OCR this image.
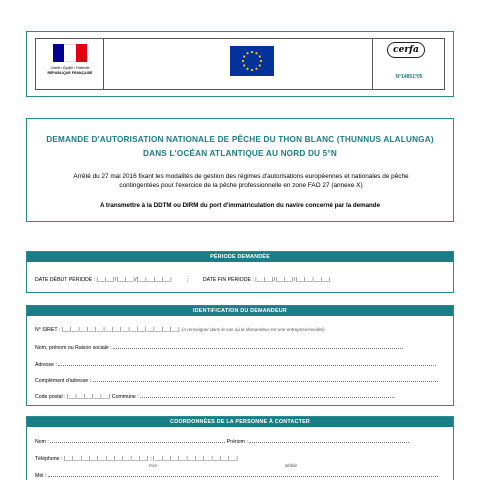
Liberté • Égalité • Fraternité
RÉPUBLIQUE FRANÇAISE
cerfa
N°14851*05
DEMANDE D'AUTORISATION NATIONALE DE PÊCHE DU THON BLANC (THUNNUS ALALUNGA)
DANS L'OCÉAN ATLANTIQUE AU NORD DU 5°N
Arrêté du 27 mai 2016 fixant les modalités de gestion des régimes d'autorisations européennes et nationales de pêche contingentées pour l'exercice de la pêche professionnelle en zone FAO 27 (annexe X)
A transmettre à la DDTM ou DIRM du port d'immatriculation du navire concerné par la demande
PÉRIODE DEMANDÉE
DATE DÉBUT PÉRIODE : |__|__|/|__|__|/|__|__|__|__|	;	DATE FIN PÉRIODE : |__|__|/|__|__|/|__|__|__|__|
IDENTIFICATION DU DEMANDEUR
N° SIRET : |__|__|__|__|__|__|__|__|__|__|__|__|__|__| (A renseigner dans le cas où le demandeur est une entreprise/société)
Nom, prénom ou Raison sociale :
Adresse :
Complément d'adresse :
Code postal : |__|__|__|__|__| Commune :
COORDONNÉES DE LA PERSONNE À CONTACTER
Nom :	Prénom :
Téléphone : |__|__|__|__|__|__|__|__|__|__| ; |__|__|__|__|__|__|__|__|__|__|
Fixe	Mobile
Mél :
